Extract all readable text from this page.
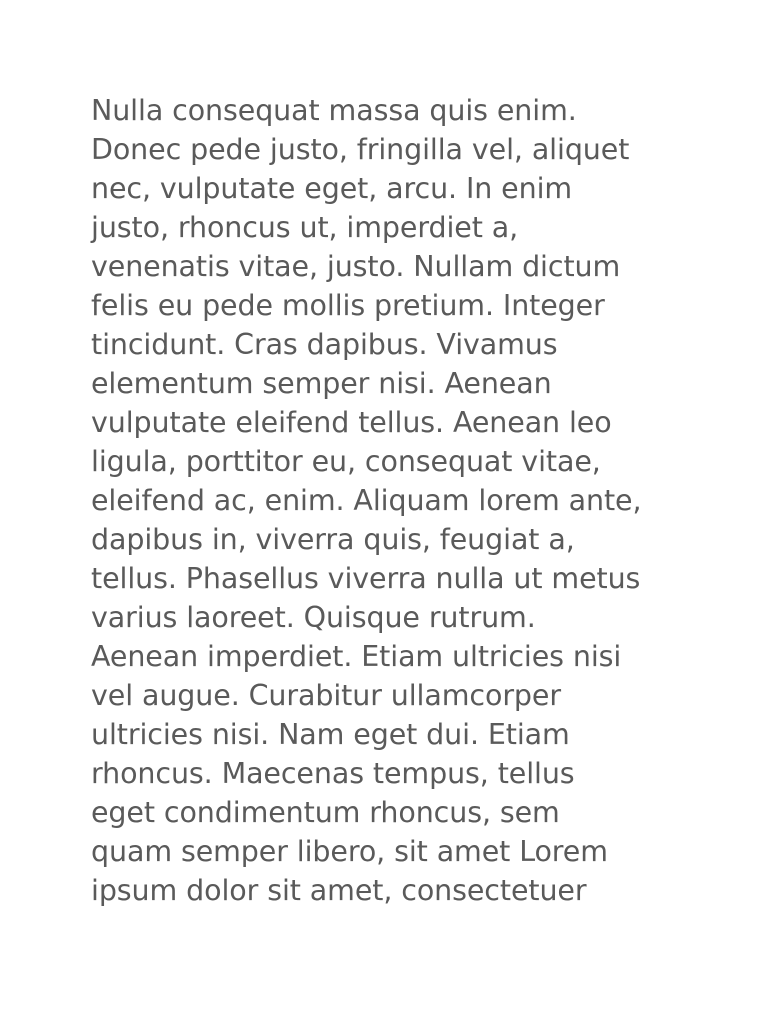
Nulla consequat massa quis enim.
Donec pede justo, fringilla vel, aliquet
nec, vulputate eget, arcu. In enim
justo, rhoncus ut, imperdiet a,
venenatis vitae, justo. Nullam dictum
felis eu pede mollis pretium. Integer
tincidunt. Cras dapibus. Vivamus
elementum semper nisi. Aenean
vulputate eleifend tellus. Aenean leo
ligula, porttitor eu, consequat vitae,
eleifend ac, enim. Aliquam lorem ante,
dapibus in, viverra quis, feugiat a,
tellus. Phasellus viverra nulla ut metus
varius laoreet. Quisque rutrum.
Aenean imperdiet. Etiam ultricies nisi
vel augue. Curabitur ullamcorper
ultricies nisi. Nam eget dui. Etiam
rhoncus. Maecenas tempus, tellus
eget condimentum rhoncus, sem
quam semper libero, sit amet Lorem
ipsum dolor sit amet, consectetuer
